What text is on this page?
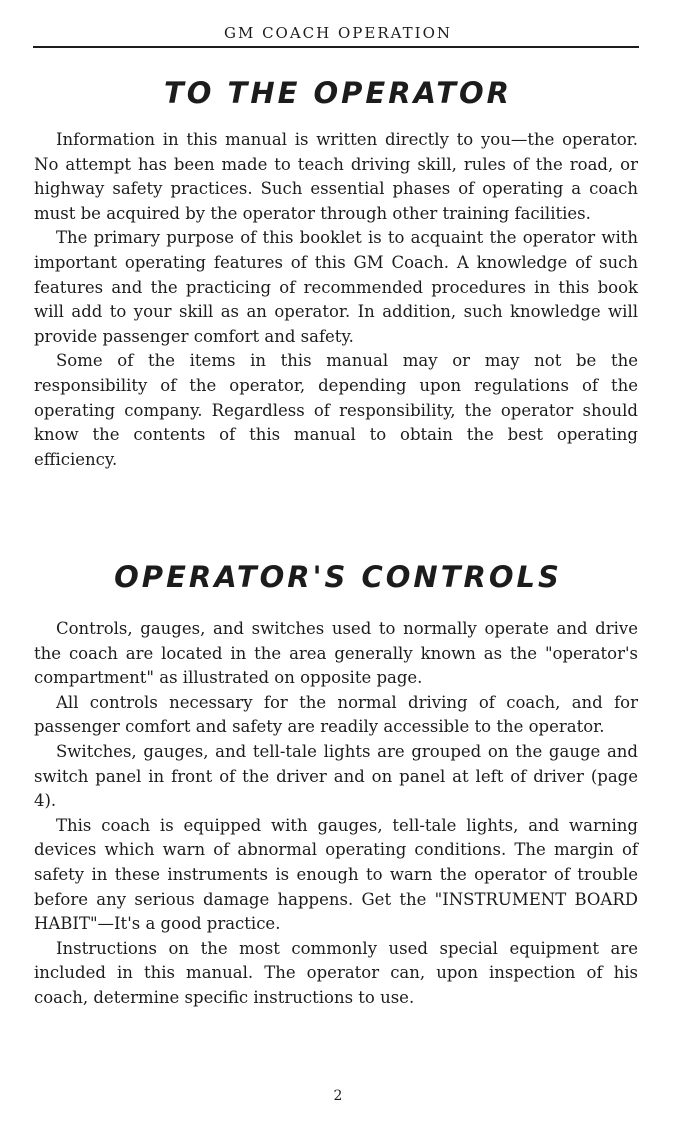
GM COACH OPERATION
TO THE OPERATOR

Information in this manual is written directly to you—the operator. No attempt has been made to teach driving skill, rules of the road, or highway safety practices. Such essential phases of operating a coach must be acquired by the operator through other training facilities.

The primary purpose of this booklet is to acquaint the operator with important operating features of this GM Coach. A knowledge of such features and the practicing of recommended procedures in this book will add to your skill as an operator. In addition, such knowledge will provide passenger comfort and safety.

Some of the items in this manual may or may not be the responsibility of the operator, depending upon regulations of the operating company. Regardless of responsibility, the operator should know the contents of this manual to obtain the best operating efficiency.

OPERATOR'S CONTROLS

Controls, gauges, and switches used to normally operate and drive the coach are located in the area generally known as the "operator's compartment" as illustrated on opposite page.

All controls necessary for the normal driving of coach, and for passenger comfort and safety are readily accessible to the operator.

Switches, gauges, and tell-tale lights are grouped on the gauge and switch panel in front of the driver and on panel at left of driver (page 4).

This coach is equipped with gauges, tell-tale lights, and warning devices which warn of abnormal operating conditions. The margin of safety in these instruments is enough to warn the operator of trouble before any serious damage happens. Get the "INSTRUMENT BOARD HABIT"—It's a good practice.

Instructions on the most commonly used special equipment are included in this manual. The operator can, upon inspection of his coach, determine specific instructions to use.

2
